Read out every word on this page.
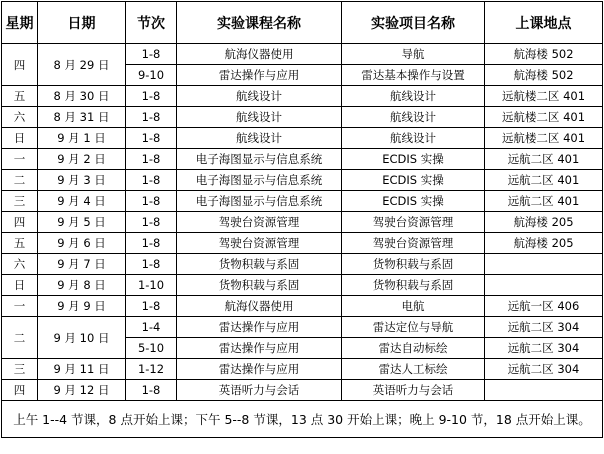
星期	日期	节次	实验课程名称	实验项目名称	上课地点
四	8 月 29 日	1-8	航海仪器使用	导航	航海楼 502
		9-10	雷达操作与应用	雷达基本操作与设置	航海楼 502
五	8 月 30 日	1-8	航线设计	航线设计	远航楼二区 401
六	8 月 31 日	1-8	航线设计	航线设计	远航楼二区 401
日	9 月 1 日	1-8	航线设计	航线设计	远航楼二区 401
一	9 月 2 日	1-8	电子海图显示与信息系统	ECDIS 实操	远航二区 401
二	9 月 3 日	1-8	电子海图显示与信息系统	ECDIS 实操	远航二区 401
三	9 月 4 日	1-8	电子海图显示与信息系统	ECDIS 实操	远航二区 401
四	9 月 5 日	1-8	驾驶台资源管理	驾驶台资源管理	航海楼 205
五	9 月 6 日	1-8	驾驶台资源管理	驾驶台资源管理	航海楼 205
六	9 月 7 日	1-8	货物积载与系固	货物积载与系固	
日	9 月 8 日	1-10	货物积载与系固	货物积载与系固	
一	9 月 9 日	1-8	航海仪器使用	电航	远航一区 406
二	9 月 10 日	1-4	雷达操作与应用	雷达定位与导航	远航二区 304
		5-10	雷达操作与应用	雷达自动标绘	远航二区 304
三	9 月 11 日	1-12	雷达操作与应用	雷达人工标绘	远航二区 304
四	9 月 12 日	1-8	英语听力与会话	英语听力与会话	
上午 1--4 节课，8 点开始上课；下午 5--8 节课，13 点 30 开始上课；晚上 9-10 节，18 点开始上课。					
